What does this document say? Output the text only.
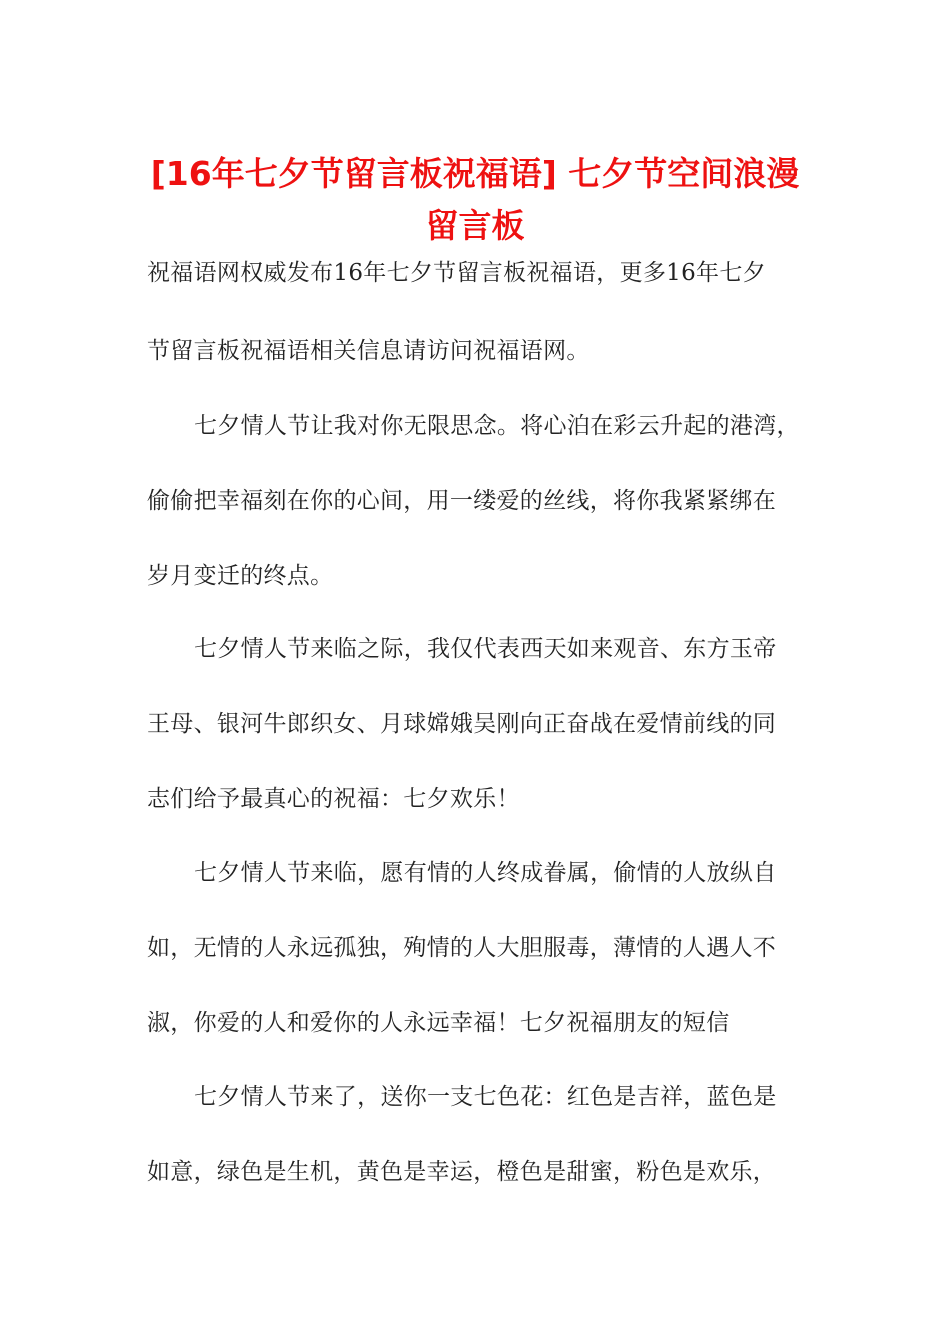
[16年七夕节留言板祝福语] 七夕节空间浪漫
留言板
祝福语网权威发布16年七夕节留言板祝福语，更多16年七夕
节留言板祝福语相关信息请访问祝福语网。
七夕情人节让我对你无限思念。将心泊在彩云升起的港湾，
偷偷把幸福刻在你的心间，用一缕爱的丝线，将你我紧紧绑在
岁月变迁的终点。
七夕情人节来临之际，我仅代表西天如来观音、东方玉帝
王母、银河牛郎织女、月球嫦娥吴刚向正奋战在爱情前线的同
志们给予最真心的祝福：七夕欢乐！
七夕情人节来临，愿有情的人终成眷属，偷情的人放纵自
如，无情的人永远孤独，殉情的人大胆服毒，薄情的人遇人不
淑，你爱的人和爱你的人永远幸福！七夕祝福朋友的短信
七夕情人节来了，送你一支七色花：红色是吉祥，蓝色是
如意，绿色是生机，黄色是幸运，橙色是甜蜜，粉色是欢乐，
